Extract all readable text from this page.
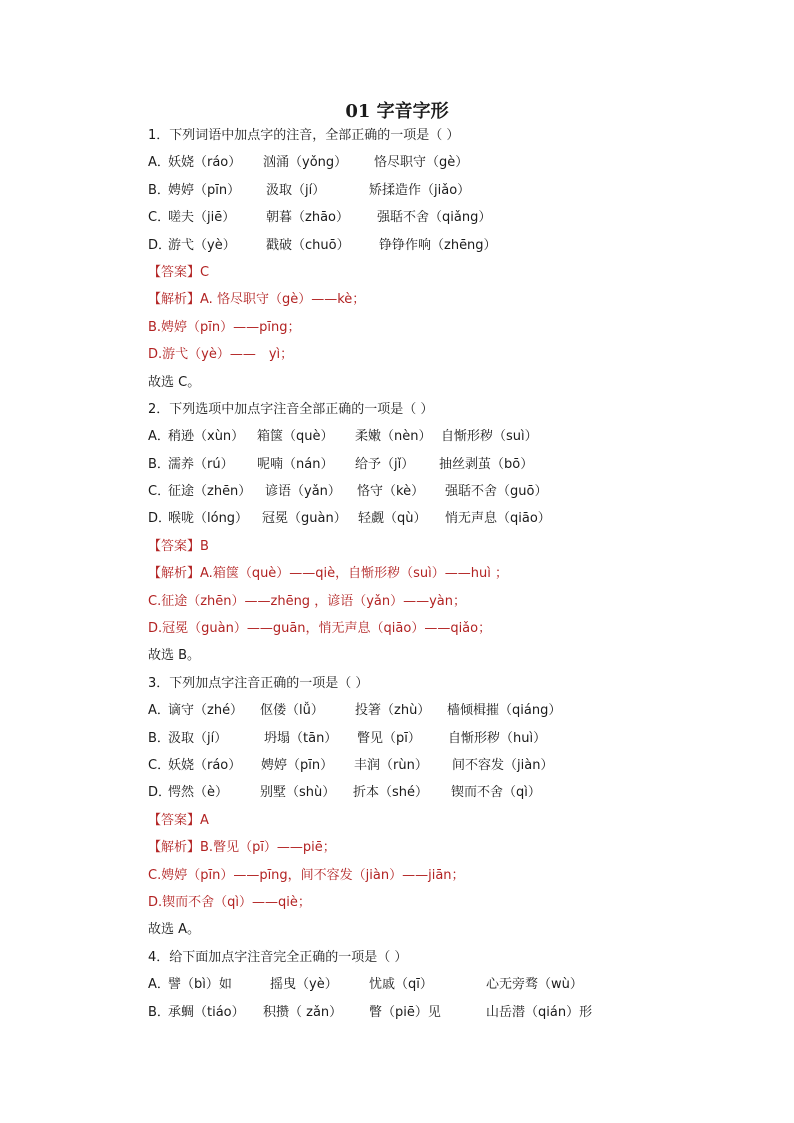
01 字音字形
1．下列词语中加点字的注音，全部正确的一项是（ ）
A．妖娆（ráo） 汹涌（yǒng） 恪尽职守（gè）
B．娉婷（pīn） 汲取（jí）	矫揉造作（jiǎo）
C．嗟夫（jiē） 朝暮（zhāo） 强聒不舍（qiǎng）
D．游弋（yè） 戳破（chuō） 铮铮作响（zhēng）
【答案】C
【解析】A. 恪尽职守（gè）——kè；
B.娉婷（pīn）——pīng；
D.游弋（yè）——　yì；
故选 C。
2．下列选项中加点字注音全部正确的一项是（ ）
A．稍逊（xùn） 箱箧（què） 柔嫩（nèn） 自惭形秽（suì）
B．濡养（rú） 呢喃（nán） 给予（jǐ） 抽丝剥茧（bō）
C．征途（zhēn） 谚语（yǎn） 恪守（kè） 强聒不舍（guō）
D．喉咙（lóng） 冠冕（guàn） 轻觑（qù） 悄无声息（qiāo）
【答案】B
【解析】A.箱箧（què）——qiè，自惭形秽（suì）——huì ；
C.征途（zhēn）——zhēng ，谚语（yǎn）——yàn；
D.冠冕（guàn）——guān，悄无声息（qiāo）——qiǎo；
故选 B。
3．下列加点字注音正确的一项是（ ）
A．谪守（zhé） 伛偻（lǚ） 投箸（zhù） 樯倾楫摧（qiáng）
B．汲取（jí）	坍塌（tān） 瞥见（pī） 自惭形秽（huì）
C．妖娆（ráo） 娉婷（pīn） 丰润（rùn） 间不容发（jiàn）
D．愕然（è） 别墅（shù） 折本（shé） 锲而不舍（qì）
【答案】A
【解析】B.瞥见（pī）——piē；
C.娉婷（pīn）——pīng，间不容发（jiàn）——jiān；
D.锲而不舍（qì）——qiè；
故选 A。
4．给下面加点字注音完全正确的一项是（ ）
A．譬（bì）如	摇曳（yè） 忧戚（qī）	心无旁骛（wù）
B．承蜩（tiáo） 积攒（ zǎn） 瞥（piē）见	山岳潜（qián）形
